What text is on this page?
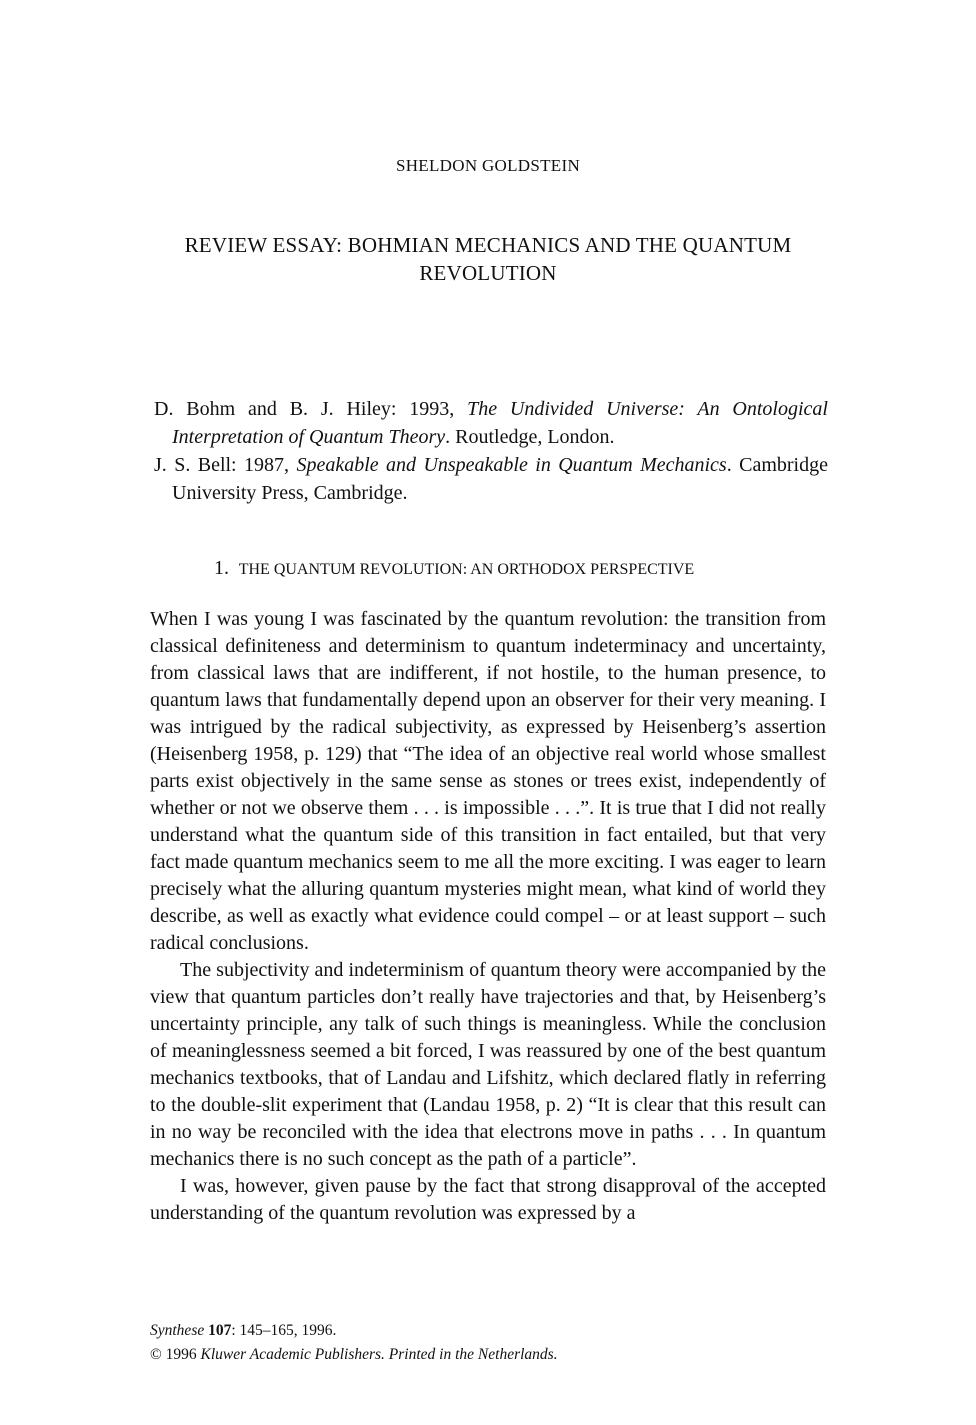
SHELDON GOLDSTEIN
REVIEW ESSAY: BOHMIAN MECHANICS AND THE QUANTUM REVOLUTION

D. Bohm and B. J. Hiley: 1993, The Undivided Universe: An Ontological Interpretation of Quantum Theory. Routledge, London.

J. S. Bell: 1987, Speakable and Unspeakable in Quantum Mechanics. Cambridge University Press, Cambridge.

1. THE QUANTUM REVOLUTION: AN ORTHODOX PERSPECTIVE

When I was young I was fascinated by the quantum revolution: the transition from classical definiteness and determinism to quantum indeterminacy and uncertainty, from classical laws that are indifferent, if not hostile, to the human presence, to quantum laws that fundamentally depend upon an observer for their very meaning. I was intrigued by the radical subjectivity, as expressed by Heisenberg’s assertion (Heisenberg 1958, p. 129) that “The idea of an objective real world whose smallest parts exist objectively in the same sense as stones or trees exist, independently of whether or not we observe them . . . is impossible . . .”. It is true that I did not really understand what the quantum side of this transition in fact entailed, but that very fact made quantum mechanics seem to me all the more exciting. I was eager to learn precisely what the alluring quantum mysteries might mean, what kind of world they describe, as well as exactly what evidence could compel – or at least support – such radical conclusions.

The subjectivity and indeterminism of quantum theory were accompanied by the view that quantum particles don’t really have trajectories and that, by Heisenberg’s uncertainty principle, any talk of such things is meaningless. While the conclusion of meaninglessness seemed a bit forced, I was reassured by one of the best quantum mechanics textbooks, that of Landau and Lifshitz, which declared flatly in referring to the double-slit experiment that (Landau 1958, p. 2) “It is clear that this result can in no way be reconciled with the idea that electrons move in paths . . . In quantum mechanics there is no such concept as the path of a particle”.

I was, however, given pause by the fact that strong disapproval of the accepted understanding of the quantum revolution was expressed by a

Synthese 107: 145–165, 1996.
© 1996 Kluwer Academic Publishers. Printed in the Netherlands.
